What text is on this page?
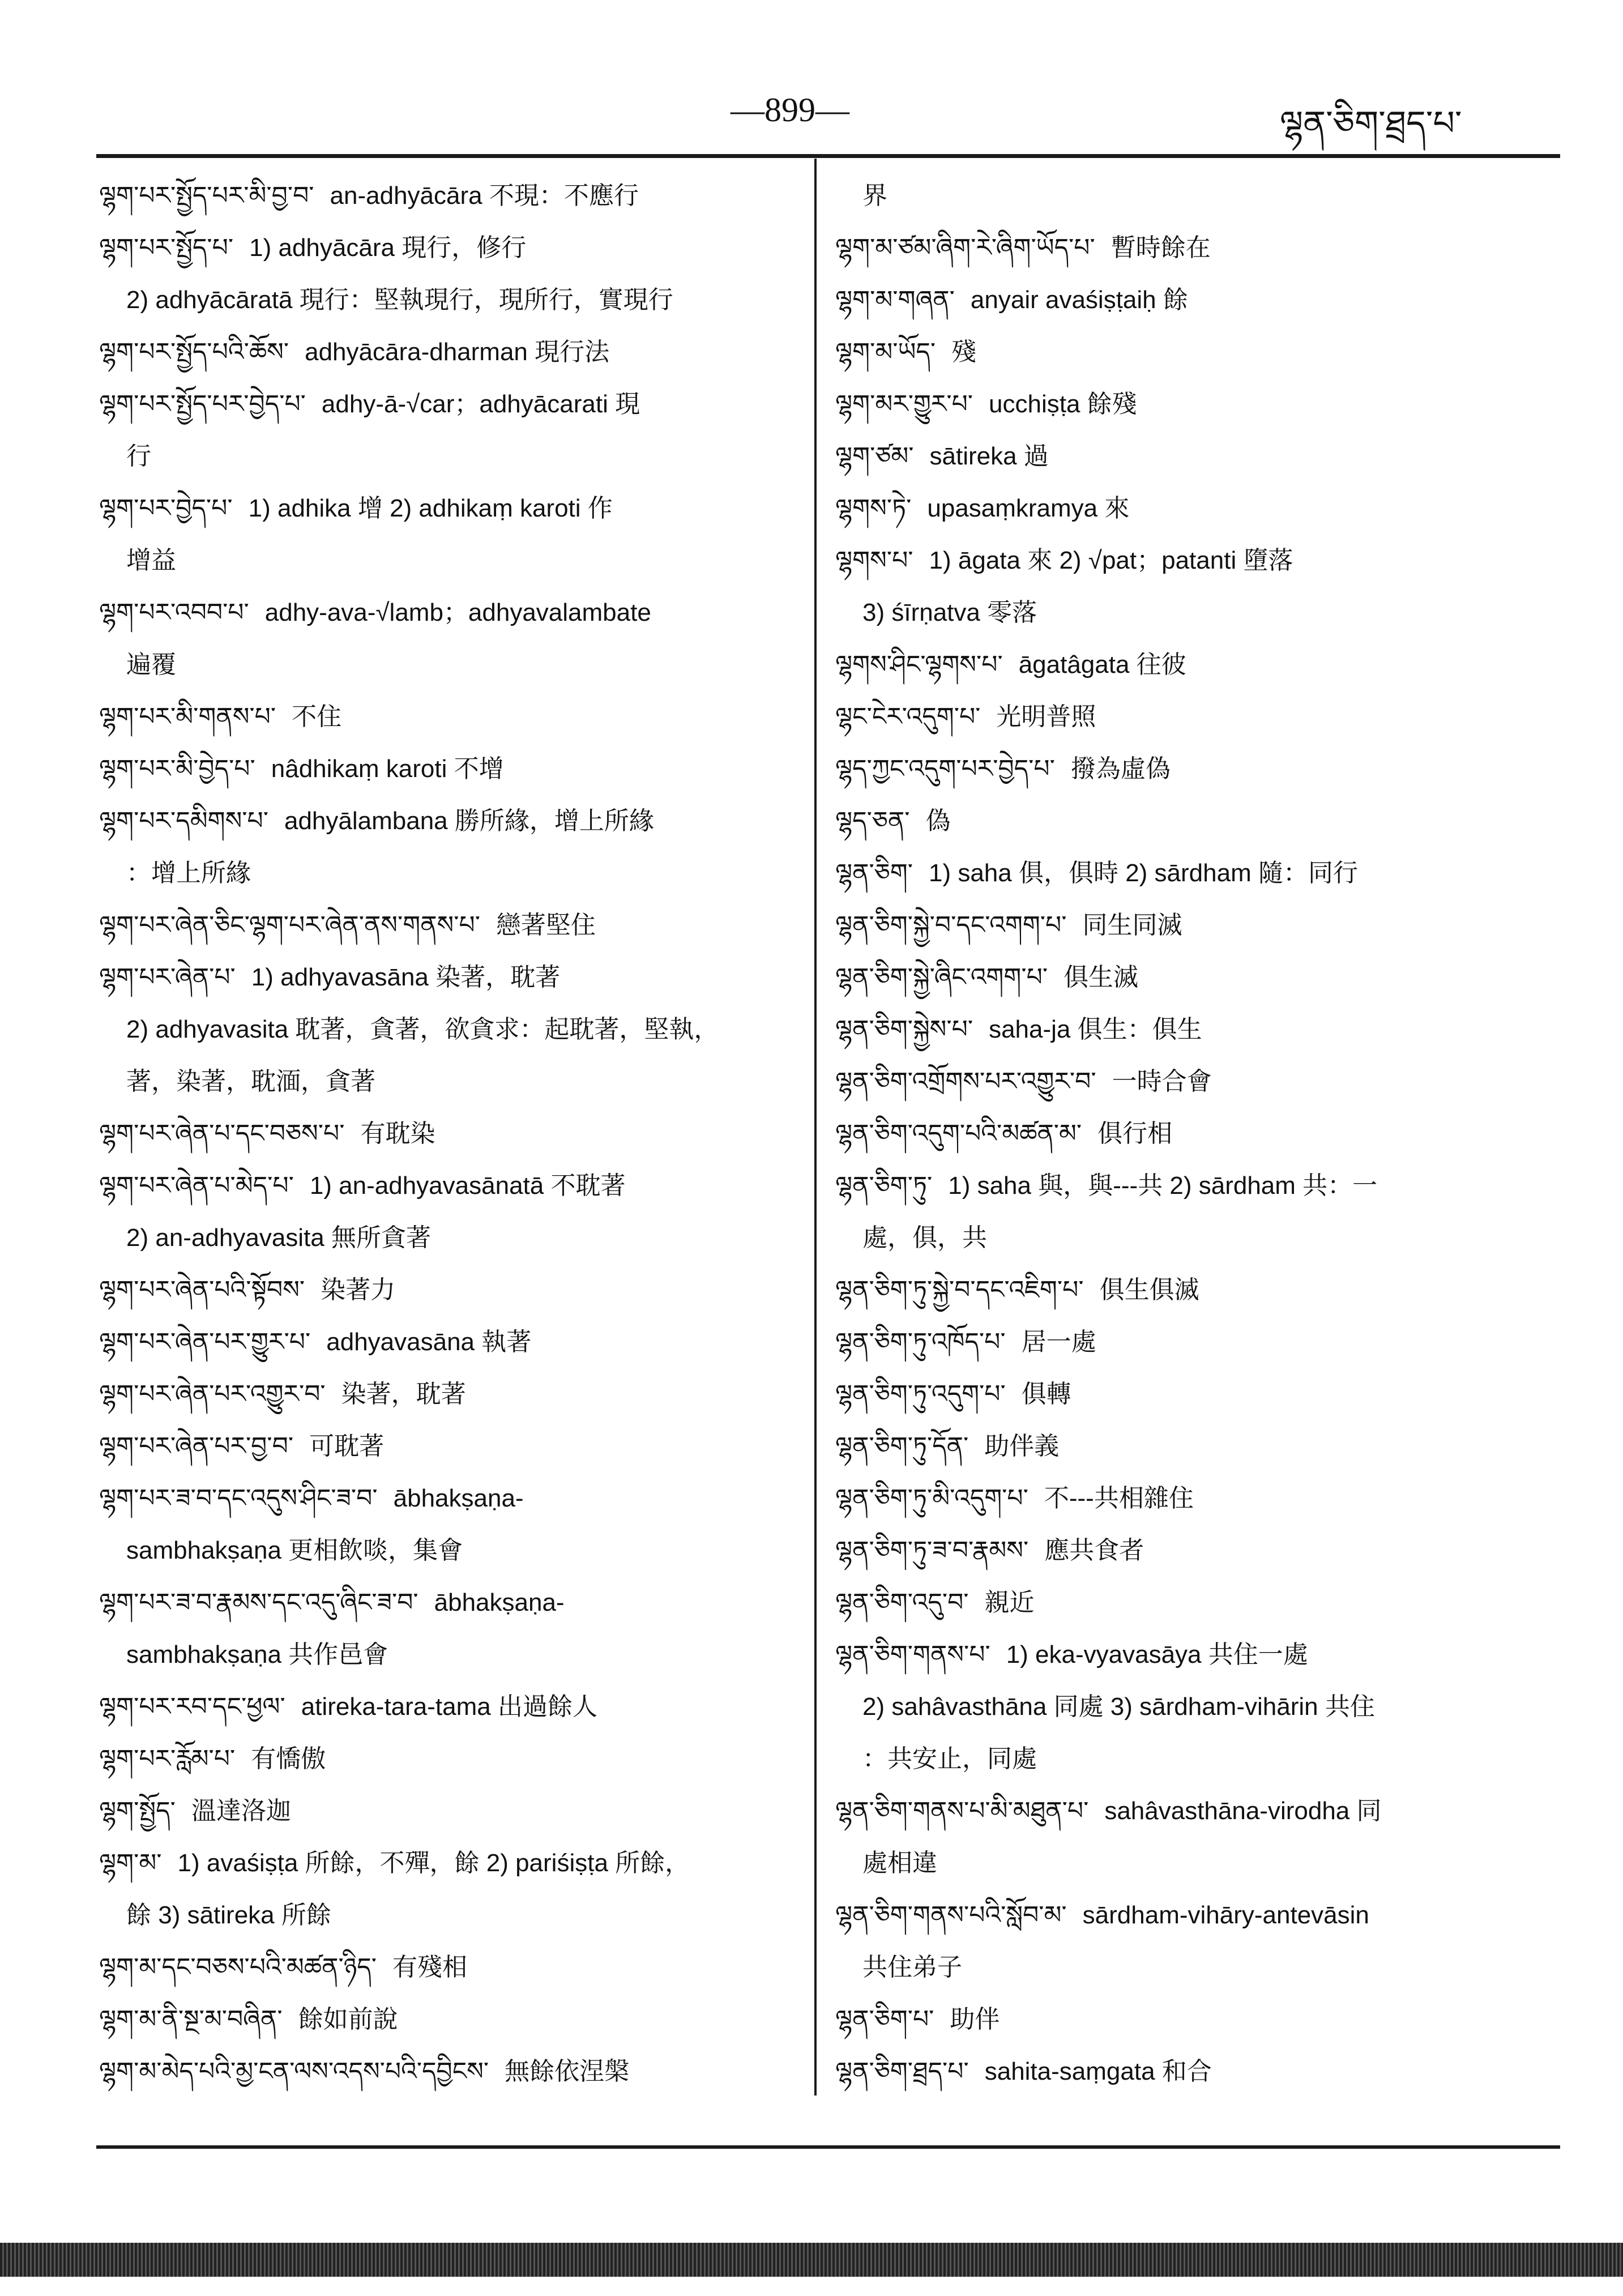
—899—	ལྷན་ཅིག་ཐྲད་པ་
ལྷག་པར་སྤྱོད་པར་མི་བྱ་བ་ an-adhyācāra 不現：不應行
ལྷག་པར་སྤྱོད་པ་ 1) adhyācāra 現行，修行
2) adhyācāratā 現行：堅執現行，現所行，實現行
ལྷག་པར་སྤྱོད་པའི་ཆོས་ adhyācāra-dharman 現行法
ལྷག་པར་སྤྱོད་པར་བྱེད་པ་ adhy-ā-√car；adhyācarati 現
行
ལྷག་པར་བྱེད་པ་ 1) adhika 增 2) adhikaṃ karoti 作
增益
ལྷག་པར་འབབ་པ་ adhy-ava-√lamb；adhyavalambate
遍覆
ལྷག་པར་མི་གནས་པ་ 不住
ལྷག་པར་མི་བྱེད་པ་ nâdhikaṃ karoti 不增
ལྷག་པར་དམིགས་པ་ adhyālambana 勝所緣，增上所緣
：增上所緣
ལྷག་པར་ཞེན་ཅིང་ལྷག་པར་ཞེན་ནས་གནས་པ་ 戀著堅住
ལྷག་པར་ཞེན་པ་ 1) adhyavasāna 染著，耽著
2) adhyavasita 耽著，貪著，欲貪求：起耽著，堅執，
著，染著，耽湎，貪著
ལྷག་པར་ཞེན་པ་དང་བཅས་པ་ 有耽染
ལྷག་པར་ཞེན་པ་མེད་པ་ 1) an-adhyavasānatā 不耽著
2) an-adhyavasita 無所貪著
ལྷག་པར་ཞེན་པའི་སྟོབས་ 染著力
ལྷག་པར་ཞེན་པར་གྱུར་པ་ adhyavasāna 執著
ལྷག་པར་ཞེན་པར་འགྱུར་བ་ 染著，耽著
ལྷག་པར་ཞེན་པར་བྱ་བ་ 可耽著
ལྷག་པར་ཟ་བ་དང་འདུས་ཤིང་ཟ་བ་ ābhakṣaṇa-
sambhakṣaṇa 更相飲啖，集會
ལྷག་པར་ཟ་བ་རྣམས་དང་འདུ་ཞིང་ཟ་བ་ ābhakṣaṇa-
sambhakṣaṇa 共作邑會
ལྷག་པར་རབ་དང་ཕྱལ་ atireka-tara-tama 出過餘人
ལྷག་པར་རློམ་པ་ 有憍傲
ལྷག་སྤྱོད་ 溫達洛迦
ལྷག་མ་ 1) avaśiṣṭa 所餘，不殫，餘 2) pariśiṣṭa 所餘，
餘 3) sātireka 所餘
ལྷག་མ་དང་བཅས་པའི་མཚན་ཉིད་ 有殘相
ལྷག་མ་ནི་སྔ་མ་བཞིན་ 餘如前說
ལྷག་མ་མེད་པའི་མྱ་ངན་ལས་འདས་པའི་དབྱིངས་ 無餘依涅槃
界
ལྷག་མ་ཙམ་ཞིག་རེ་ཞིག་ཡོད་པ་ 暫時餘在
ལྷག་མ་གཞན་ anyair avaśiṣṭaiḥ 餘
ལྷག་མ་ཡོད་ 殘
ལྷག་མར་གྱུར་པ་ ucchiṣṭa 餘殘
ལྷག་ཙམ་ sātireka 過
ལྷགས་ཏེ་ upasaṃkramya 來
ལྷགས་པ་ 1) āgata 來 2) √pat；patanti 墮落
3) śīrṇatva 零落
ལྷགས་ཤིང་ལྷགས་པ་ āgatâgata 往彼
ལྷང་ངེར་འདུག་པ་ 光明普照
ལྷད་ཀྱང་འདུག་པར་བྱེད་པ་ 撥為虛偽
ལྷད་ཅན་ 偽
ལྷན་ཅིག་ 1) saha 俱，俱時 2) sārdham 隨：同行
ལྷན་ཅིག་སྐྱེ་བ་དང་འགག་པ་ 同生同滅
ལྷན་ཅིག་སྐྱེ་ཞིང་འགག་པ་ 俱生滅
ལྷན་ཅིག་སྐྱེས་པ་ saha-ja 俱生：俱生
ལྷན་ཅིག་འགྲོགས་པར་འགྱུར་བ་ 一時合會
ལྷན་ཅིག་འདུག་པའི་མཚན་མ་ 俱行相
ལྷན་ཅིག་ཏུ་ 1) saha 與，與---共 2) sārdham 共：一
處，俱，共
ལྷན་ཅིག་ཏུ་སྐྱེ་བ་དང་འཇིག་པ་ 俱生俱滅
ལྷན་ཅིག་ཏུ་འཁོད་པ་ 居一處
ལྷན་ཅིག་ཏུ་འདུག་པ་ 俱轉
ལྷན་ཅིག་ཏུ་དོན་ 助伴義
ལྷན་ཅིག་ཏུ་མི་འདུག་པ་ 不---共相雜住
ལྷན་ཅིག་ཏུ་ཟ་བ་རྣམས་ 應共食者
ལྷན་ཅིག་འདུ་བ་ 親近
ལྷན་ཅིག་གནས་པ་ 1) eka-vyavasāya 共住一處
2) sahâvasthāna 同處 3) sārdham-vihārin 共住
：共安止，同處
ལྷན་ཅིག་གནས་པ་མི་མཐུན་པ་ sahâvasthāna-virodha 同
處相違
ལྷན་ཅིག་གནས་པའི་སློབ་མ་ sārdham-vihāry-antevāsin
共住弟子
ལྷན་ཅིག་པ་ 助伴
ལྷན་ཅིག་ཐྲད་པ་ sahita-saṃgata 和合
